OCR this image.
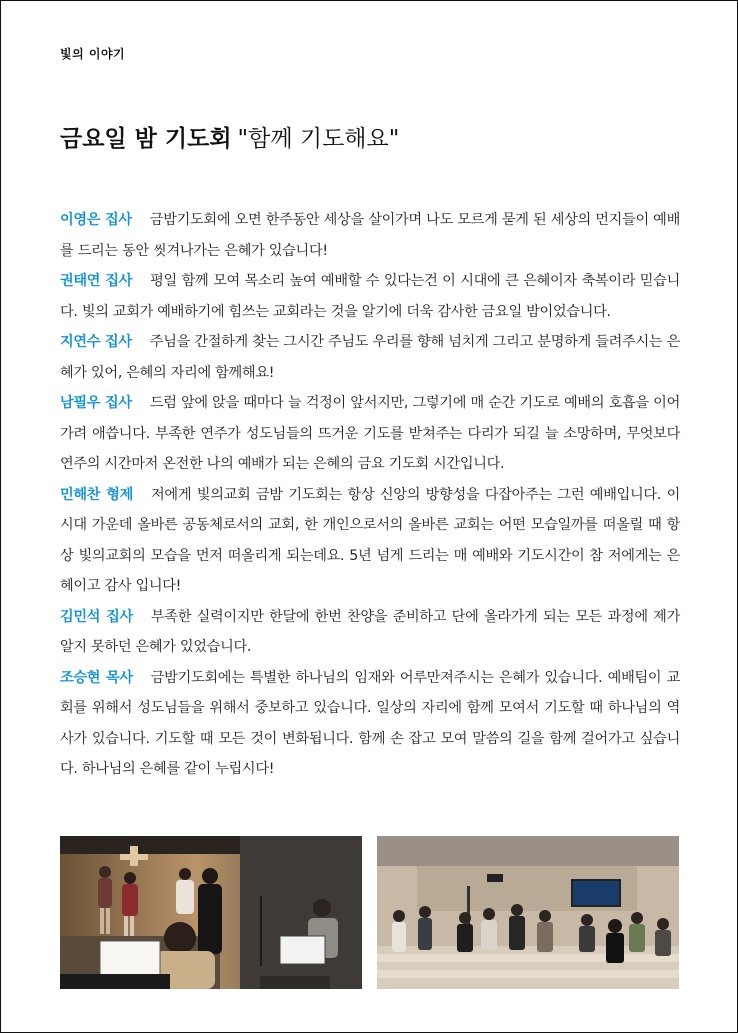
빛의 이야기
금요일 밤 기도회 "함께 기도해요"

이영은 집사 금밤기도회에 오면 한주동안 세상을 살이가며 나도 모르게 묻게 된 세상의 먼지들이 예배를 드리는 동안 씻겨나가는 은혜가 있습니다!

권태연 집사 평일 함께 모여 목소리 높여 예배할 수 있다는건 이 시대에 큰 은혜이자 축복이라 믿습니다. 빛의 교회가 예배하기에 힘쓰는 교회라는 것을 알기에 더욱 감사한 금요일 밤이었습니다.

지연수 집사 주님을 간절하게 찾는 그시간 주님도 우리를 향해 넘치게 그리고 분명하게 들려주시는 은혜가 있어, 은혜의 자리에 함께해요!

남필우 집사 드럼 앞에 앉을 때마다 늘 걱정이 앞서지만, 그렇기에 매 순간 기도로 예배의 호흡을 이어가려 애씁니다. 부족한 연주가 성도님들의 뜨거운 기도를 받쳐주는 다리가 되길 늘 소망하며, 무엇보다 연주의 시간마저 온전한 나의 예배가 되는 은혜의 금요 기도회 시간입니다.

민해찬 형제 저에게 빛의교회 금밤 기도회는 항상 신앙의 방향성을 다잡아주는 그런 예배입니다. 이 시대 가운데 올바른 공동체로서의 교회, 한 개인으로서의 올바른 교회는 어떤 모습일까를 떠올릴 때 항상 빛의교회의 모습을 먼저 떠올리게 되는데요. 5년 넘게 드리는 매 예배와 기도시간이 참 저에게는 은혜이고 감사 입니다!

김민석 집사 부족한 실력이지만 한달에 한번 찬양을 준비하고 단에 올라가게 되는 모든 과정에 제가 알지 못하던 은혜가 있었습니다.

조승현 목사 금밤기도회에는 특별한 하나님의 임재와 어루만져주시는 은혜가 있습니다. 예배팀이 교회를 위해서 성도님들을 위해서 중보하고 있습니다. 일상의 자리에 함께 모여서 기도할 때 하나님의 역사가 있습니다. 기도할 때 모든 것이 변화됩니다. 함께 손 잡고 모여 말씀의 길을 함께 걸어가고 싶습니다. 하나님의 은혜를 같이 누립시다!
